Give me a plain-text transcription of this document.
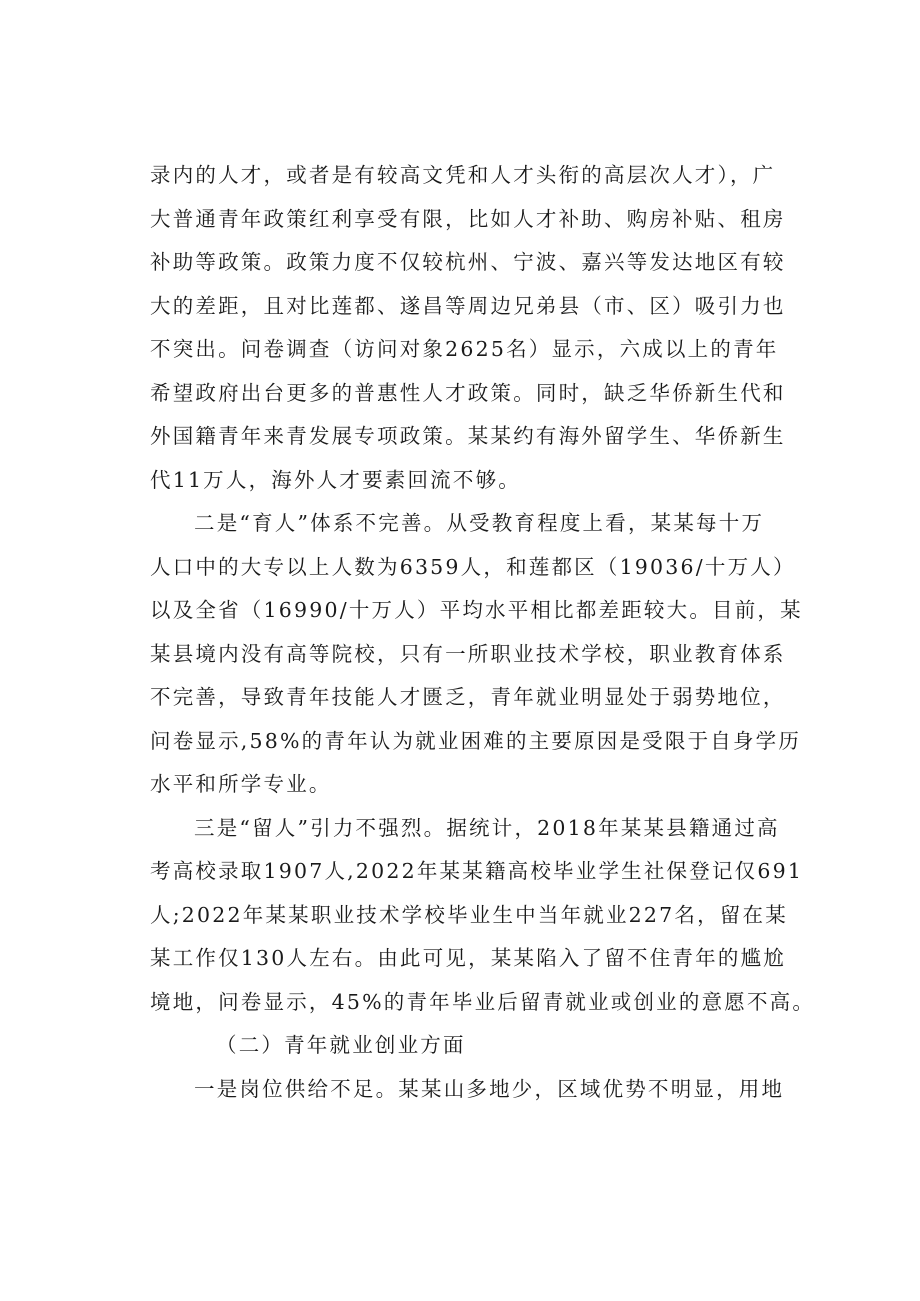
录内的人才，或者是有较高文凭和人才头衔的高层次人才），广
大普通青年政策红利享受有限，比如人才补助、购房补贴、租房
补助等政策。政策力度不仅较杭州、宁波、嘉兴等发达地区有较
大的差距，且对比莲都、遂昌等周边兄弟县（市、区）吸引力也
不突出。问卷调查（访问对象2625名）显示，六成以上的青年
希望政府出台更多的普惠性人才政策。同时，缺乏华侨新生代和
外国籍青年来青发展专项政策。某某约有海外留学生、华侨新生
代11万人，海外人才要素回流不够。
二是“育人”体系不完善。从受教育程度上看，某某每十万
人口中的大专以上人数为6359人，和莲都区（19036/十万人）
以及全省（16990/十万人）平均水平相比都差距较大。目前，某
某县境内没有高等院校，只有一所职业技术学校，职业教育体系
不完善，导致青年技能人才匮乏，青年就业明显处于弱势地位，
问卷显示,58%的青年认为就业困难的主要原因是受限于自身学历
水平和所学专业。
三是“留人”引力不强烈。据统计，2018年某某县籍通过高
考高校录取1907人,2022年某某籍高校毕业学生社保登记仅691
人;2022年某某职业技术学校毕业生中当年就业227名，留在某
某工作仅130人左右。由此可见，某某陷入了留不住青年的尴尬
境地，问卷显示，45%的青年毕业后留青就业或创业的意愿不高。
（二）青年就业创业方面
一是岗位供给不足。某某山多地少，区域优势不明显，用地
